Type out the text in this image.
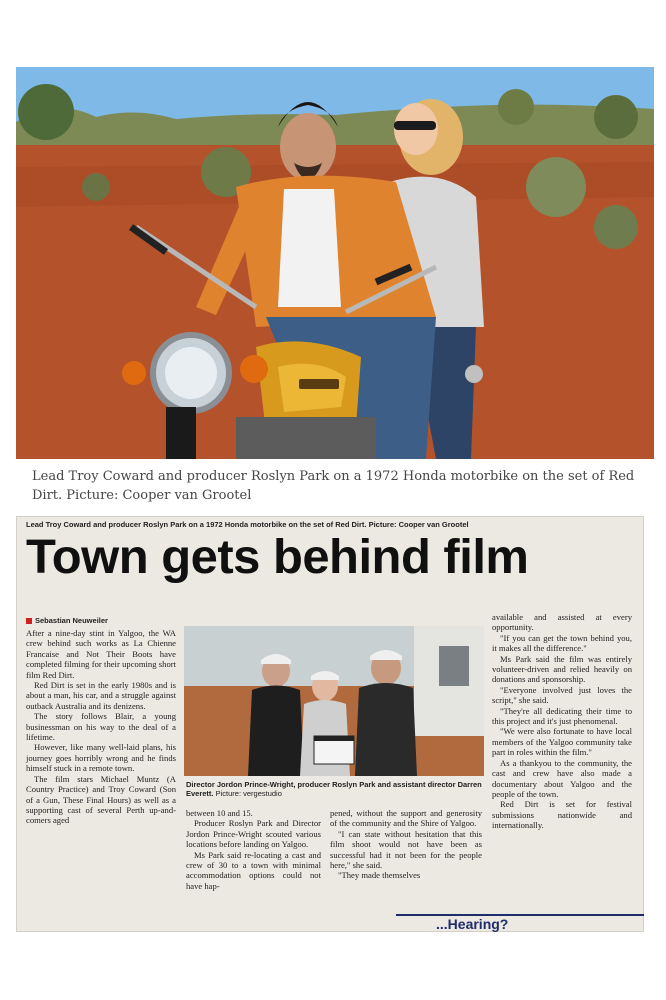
Lead Troy Coward and producer Roslyn Park on a 1972 Honda motorbike on the set of Red Dirt. Picture: Cooper van Grootel
Lead Troy Coward and producer Roslyn Park on a 1972 Honda motorbike on the set of Red Dirt. Picture: Cooper van Grootel
Town gets behind film
Sebastian Neuweiler

After a nine-day stint in Yalgoo, the WA crew behind such works as La Chienne Francaise and Not Their Boots have completed filming for their upcoming short film Red Dirt.

Red Dirt is set in the early 1980s and is about a man, his car, and a struggle against outback Australia and its denizens.

The story follows Blair, a young businessman on his way to the deal of a lifetime.

However, like many well-laid plans, his journey goes horribly wrong and he finds himself stuck in a remote town.

The film stars Michael Muntz (A Country Practice) and Troy Coward (Son of a Gun, These Final Hours) as well as a supporting cast of several Perth up-and-comers aged

Director Jordon Prince-Wright, producer Roslyn Park and assistant director Darren Everett. Picture: vergestudio

between 10 and 15.

Producer Roslyn Park and Director Jordon Prince-Wright scouted various locations before landing on Yalgoo.

Ms Park said re-locating a cast and crew of 30 to a town with minimal accommodation options could not have hap-

pened, without the support and generosity of the community and the Shire of Yalgoo.

"I can state without hesitation that this film shoot would not have been as successful had it not been for the people here," she said.

"They made themselves

available and assisted at every opportunity.

"If you can get the town behind you, it makes all the difference."

Ms Park said the film was entirely volunteer-driven and relied heavily on donations and sponsorship.

"Everyone involved just loves the script," she said.

"They're all dedicating their time to this project and it's just phenomenal.

"We were also fortunate to have local members of the Yalgoo community take part in roles within the film."

As a thankyou to the community, the cast and crew have also made a documentary about Yalgoo and the people of the town.

Red Dirt is set for festival submissions nationwide and internationally.

...Hearing?
